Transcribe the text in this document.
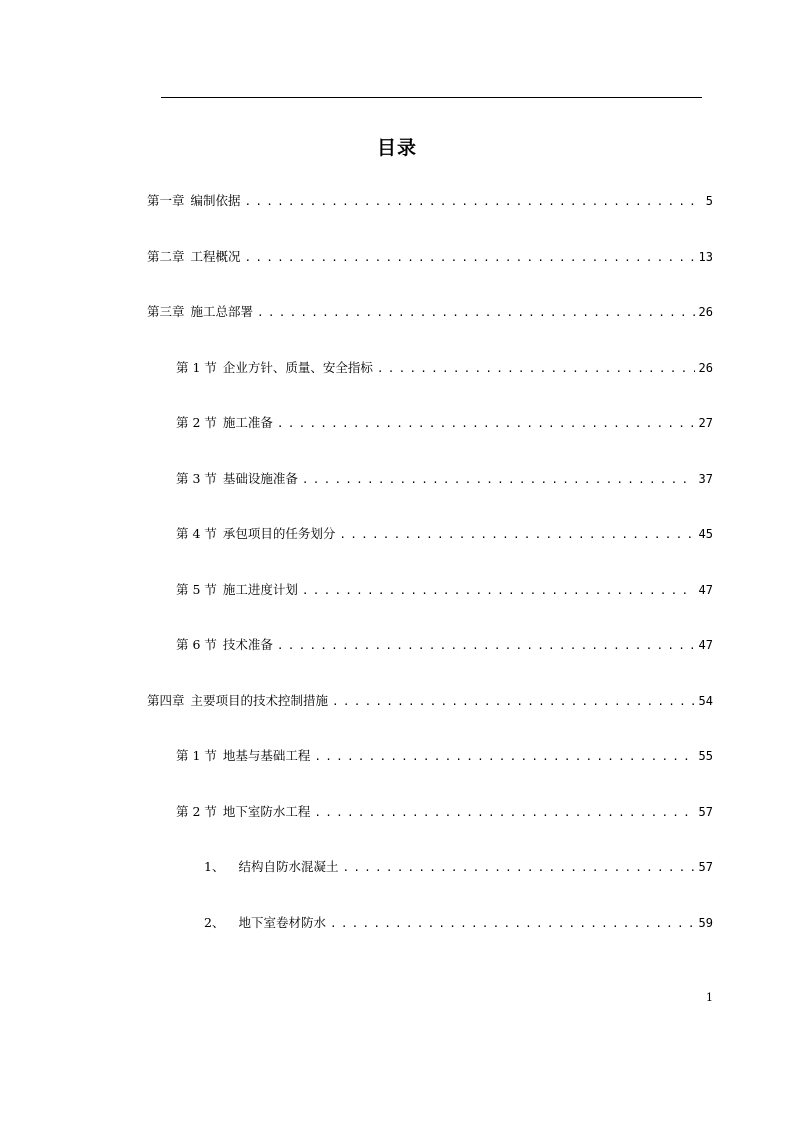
目录
第一章 编制依据 . . .	5
第二章 工程概况 . . .	13
第三章 施工总部署 . . .	26
第 1 节 企业方针、质量、安全指标 . . .	26
第 2 节 施工准备 . . .	27
第 3 节 基础设施准备 . . .	37
第 4 节 承包项目的任务划分 . . .	45
第 5 节 施工进度计划 . . .	47
第 6 节 技术准备 . . .	47
第四章 主要项目的技术控制措施 . . .	54
第 1 节 地基与基础工程 . . .	55
第 2 节 地下室防水工程 . . .	57
1、 结构自防水混凝土 . . .	57
2、 地下室卷材防水 . . .	59
1
